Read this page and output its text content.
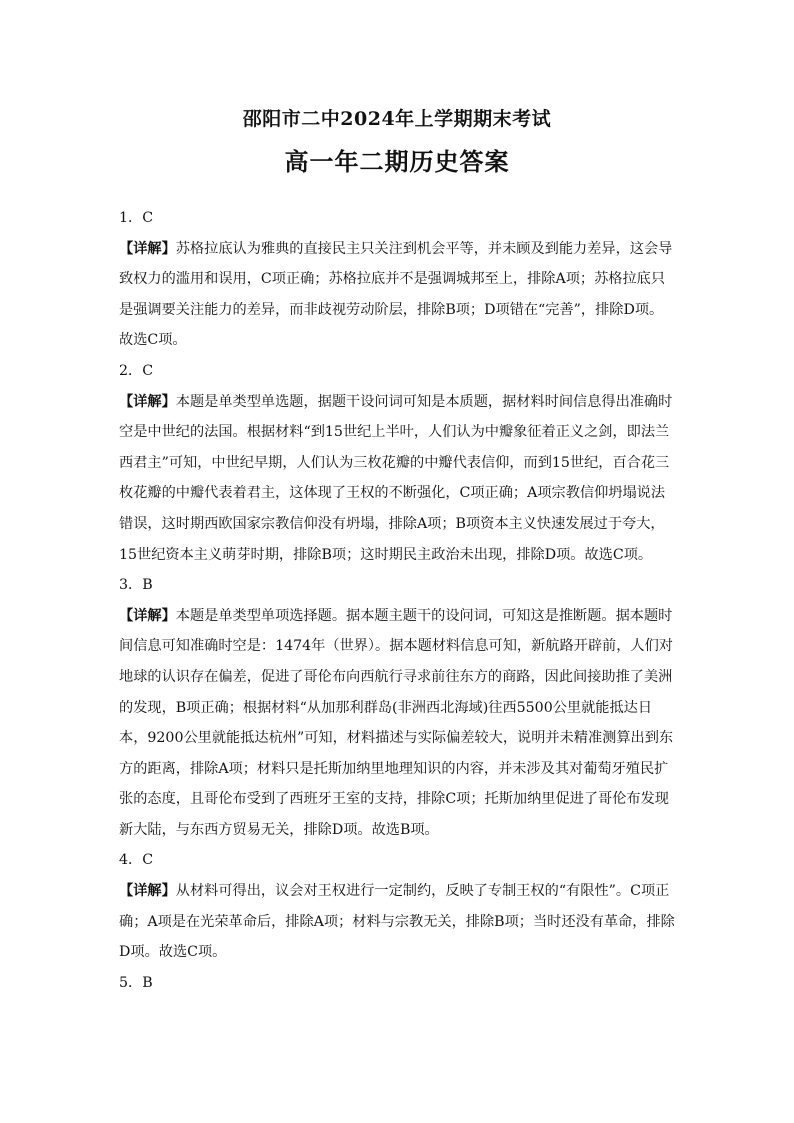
邵阳市二中2024年上学期期末考试
高一年二期历史答案

1．C

【详解】苏格拉底认为雅典的直接民主只关注到机会平等，并未顾及到能力差异，这会导致权力的滥用和误用，C项正确；苏格拉底并不是强调城邦至上，排除A项；苏格拉底只是强调要关注能力的差异，而非歧视劳动阶层，排除B项；D项错在“完善”，排除D项。故选C项。

2．C

【详解】本题是单类型单选题，据题干设问词可知是本质题，据材料时间信息得出准确时空是中世纪的法国。根据材料“到15世纪上半叶，人们认为中瓣象征着正义之剑，即法兰西君主”可知，中世纪早期，人们认为三枚花瓣的中瓣代表信仰，而到15世纪，百合花三枚花瓣的中瓣代表着君主，这体现了王权的不断强化，C项正确；A项宗教信仰坍塌说法错误，这时期西欧国家宗教信仰没有坍塌，排除A项；B项资本主义快速发展过于夸大，15世纪资本主义萌芽时期，排除B项；这时期民主政治未出现，排除D项。故选C项。

3．B

【详解】本题是单类型单项选择题。据本题主题干的设问词，可知这是推断题。据本题时间信息可知准确时空是：1474年（世界）。据本题材料信息可知，新航路开辟前，人们对地球的认识存在偏差，促进了哥伦布向西航行寻求前往东方的商路，因此间接助推了美洲的发现，B项正确；根据材料“从加那利群岛(非洲西北海域)往西5500公里就能抵达日本，9200公里就能抵达杭州”可知，材料描述与实际偏差较大，说明并未精准测算出到东方的距离，排除A项；材料只是托斯加纳里地理知识的内容，并未涉及其对葡萄牙殖民扩张的态度，且哥伦布受到了西班牙王室的支持，排除C项；托斯加纳里促进了哥伦布发现新大陆，与东西方贸易无关，排除D项。故选B项。

4．C

【详解】从材料可得出，议会对王权进行一定制约，反映了专制王权的“有限性”。C项正确；A项是在光荣革命后，排除A项；材料与宗教无关，排除B项；当时还没有革命，排除D项。故选C项。

5．B
